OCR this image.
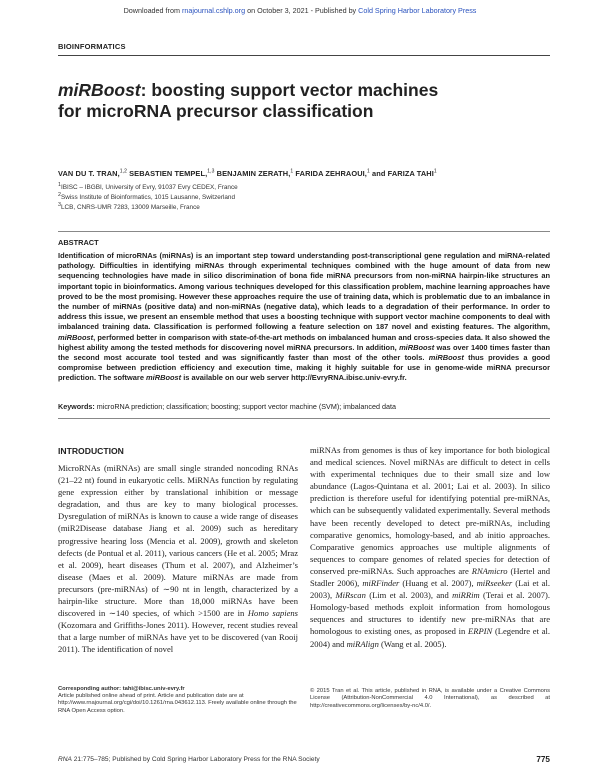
Downloaded from rnajournal.cshlp.org on October 3, 2021 - Published by Cold Spring Harbor Laboratory Press
BIOINFORMATICS
miRBoost: boosting support vector machines
for microRNA precursor classification
VAN DU T. TRAN,$^{1,2}$ SEBASTIEN TEMPEL,$^{1,3}$ BENJAMIN ZERATH,$^1$ FARIDA ZEHRAOUI,$^1$ and FARIZA TAHI$^1$
$^1$IBISC – IBGBI, University of Evry, 91037 Evry CEDEX, France
$^2$Swiss Institute of Bioinformatics, 1015 Lausanne, Switzerland
$^3$LCB, CNRS-UMR 7283, 13009 Marseille, France
ABSTRACT
Identification of microRNAs (miRNAs) is an important step toward understanding post-transcriptional gene regulation and miRNA-related pathology. Difficulties in identifying miRNAs through experimental techniques combined with the huge amount of data from new sequencing technologies have made in silico discrimination of bona fide miRNA precursors from non-miRNA hairpin-like structures an important topic in bioinformatics. Among various techniques developed for this classification problem, machine learning approaches have proved to be the most promising. However these approaches require the use of training data, which is problematic due to an imbalance in the number of miRNAs (positive data) and non-miRNAs (negative data), which leads to a degradation of their performance. In order to address this issue, we present an ensemble method that uses a boosting technique with support vector machine components to deal with imbalanced training data. Classification is performed following a feature selection on 187 novel and existing features. The algorithm, miRBoost, performed better in comparison with state-of-the-art methods on imbalanced human and cross-species data. It also showed the highest ability among the tested methods for discovering novel miRNA precursors. In addition, miRBoost was over 1400 times faster than the second most accurate tool tested and was significantly faster than most of the other tools. miRBoost thus provides a good compromise between prediction efficiency and execution time, making it highly suitable for use in genome-wide miRNA precursor prediction. The software miRBoost is available on our web server http://EvryRNA.ibisc.univ-evry.fr.
Keywords: microRNA prediction; classification; boosting; support vector machine (SVM); imbalanced data
INTRODUCTION
MicroRNAs (miRNAs) are small single stranded noncoding RNAs (21–22 nt) found in eukaryotic cells. MiRNAs function by regulating gene expression either by translational inhibition or message degradation, and thus are key to many biological processes. Dysregulation of miRNAs is known to cause a wide range of diseases (miR2Disease database Jiang et al. 2009) such as hereditary progressive hearing loss (Mencia et al. 2009), growth and skeleton defects (de Pontual et al. 2011), various cancers (He et al. 2005; Mraz et al. 2009), heart diseases (Thum et al. 2007), and Alzheimer’s disease (Maes et al. 2009). Mature miRNAs are made from precursors (pre-miRNAs) of ∼90 nt in length, characterized by a hairpin-like structure. More than 18,000 miRNAs have been discovered in ∼140 species, of which >1500 are in Homo sapiens (Kozomara and Griffiths-Jones 2011). However, recent studies reveal that a large number of miRNAs have yet to be discovered (van Rooij 2011). The identification of novel
miRNAs from genomes is thus of key importance for both biological and medical sciences. Novel miRNAs are difficult to detect in cells with experimental techniques due to their small size and low abundance (Lagos-Quintana et al. 2001; Lai et al. 2003). In silico prediction is therefore useful for identifying potential pre-miRNAs, which can be subsequently validated experimentally. Several methods have been recently developed to detect pre-miRNAs, including comparative genomics, homology-based, and ab initio approaches. Comparative genomics approaches use multiple alignments of sequences to compare genomes of related species for detection of conserved pre-miRNAs. Such approaches are RNAmicro (Hertel and Stadler 2006), miRFinder (Huang et al. 2007), miRseeker (Lai et al. 2003), MiRscan (Lim et al. 2003), and miRRim (Terai et al. 2007). Homology-based methods exploit information from homologous sequences and structures to identify new pre-miRNAs that are homologous to existing ones, as proposed in ERPIN (Legendre et al. 2004) and miRAlign (Wang et al. 2005).
Corresponding author: tahi@ibisc.univ-evry.fr
Article published online ahead of print. Article and publication date are at http://www.rnajournal.org/cgi/doi/10.1261/rna.043612.113. Freely available online through the RNA Open Access option.
© 2015 Tran et al. This article, published in RNA, is available under a Creative Commons License (Attribution-NonCommercial 4.0 International), as described at http://creativecommons.org/licenses/by-nc/4.0/.
RNA 21:775–785; Published by Cold Spring Harbor Laboratory Press for the RNA Society	775
